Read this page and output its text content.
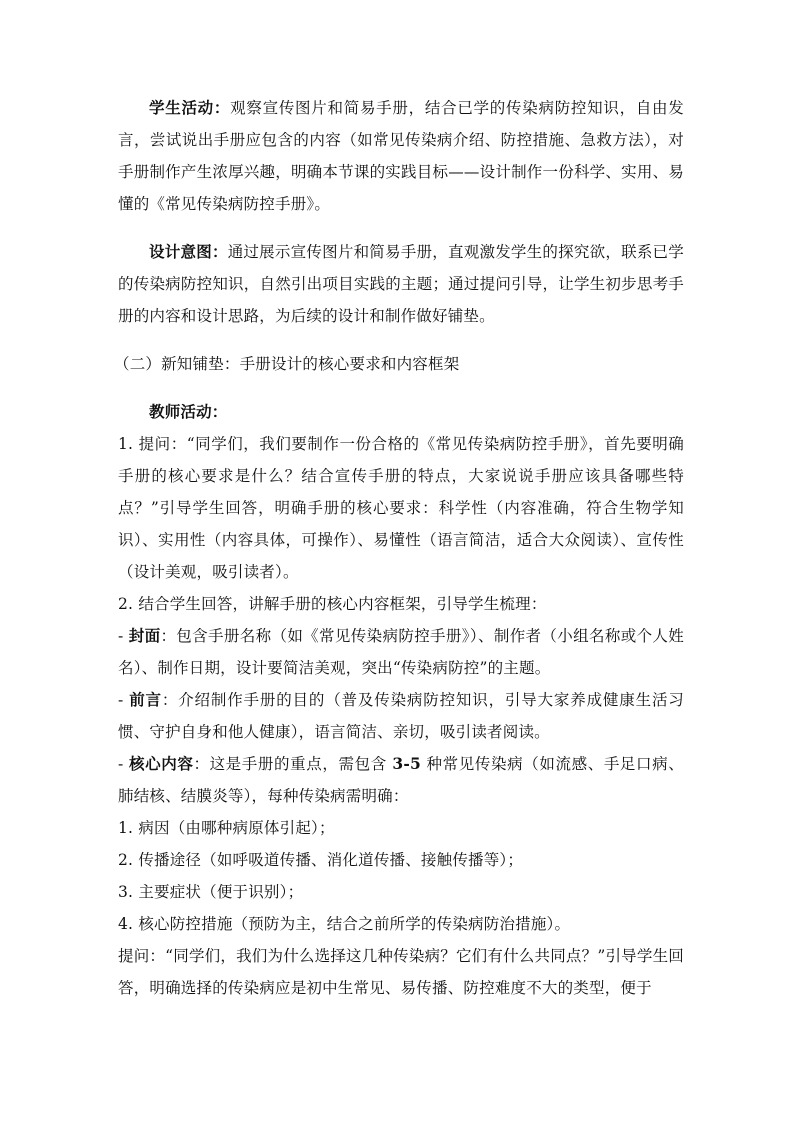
学生活动：观察宣传图片和简易手册，结合已学的传染病防控知识，自由发言，尝试说出手册应包含的内容（如常见传染病介绍、防控措施、急救方法），对手册制作产生浓厚兴趣，明确本节课的实践目标——设计制作一份科学、实用、易懂的《常见传染病防控手册》。

设计意图：通过展示宣传图片和简易手册，直观激发学生的探究欲，联系已学的传染病防控知识，自然引出项目实践的主题；通过提问引导，让学生初步思考手册的内容和设计思路，为后续的设计和制作做好铺垫。

（二）新知铺垫：手册设计的核心要求和内容框架

教师活动：

1. 提问：“同学们，我们要制作一份合格的《常见传染病防控手册》，首先要明确手册的核心要求是什么？结合宣传手册的特点，大家说说手册应该具备哪些特点？”引导学生回答，明确手册的核心要求：科学性（内容准确，符合生物学知识）、实用性（内容具体，可操作）、易懂性（语言简洁，适合大众阅读）、宣传性（设计美观，吸引读者）。

2. 结合学生回答，讲解手册的核心内容框架，引导学生梳理：

- 封面：包含手册名称（如《常见传染病防控手册》）、制作者（小组名称或个人姓名）、制作日期，设计要简洁美观，突出“传染病防控”的主题。

- 前言：介绍制作手册的目的（普及传染病防控知识，引导大家养成健康生活习惯、守护自身和他人健康），语言简洁、亲切，吸引读者阅读。

- 核心内容：这是手册的重点，需包含 3-5 种常见传染病（如流感、手足口病、肺结核、结膜炎等），每种传染病需明确：

1. 病因（由哪种病原体引起）；

2. 传播途径（如呼吸道传播、消化道传播、接触传播等）；

3. 主要症状（便于识别）；

4. 核心防控措施（预防为主，结合之前所学的传染病防治措施）。

提问：“同学们，我们为什么选择这几种传染病？它们有什么共同点？”引导学生回答，明确选择的传染病应是初中生常见、易传播、防控难度不大的类型，便于
